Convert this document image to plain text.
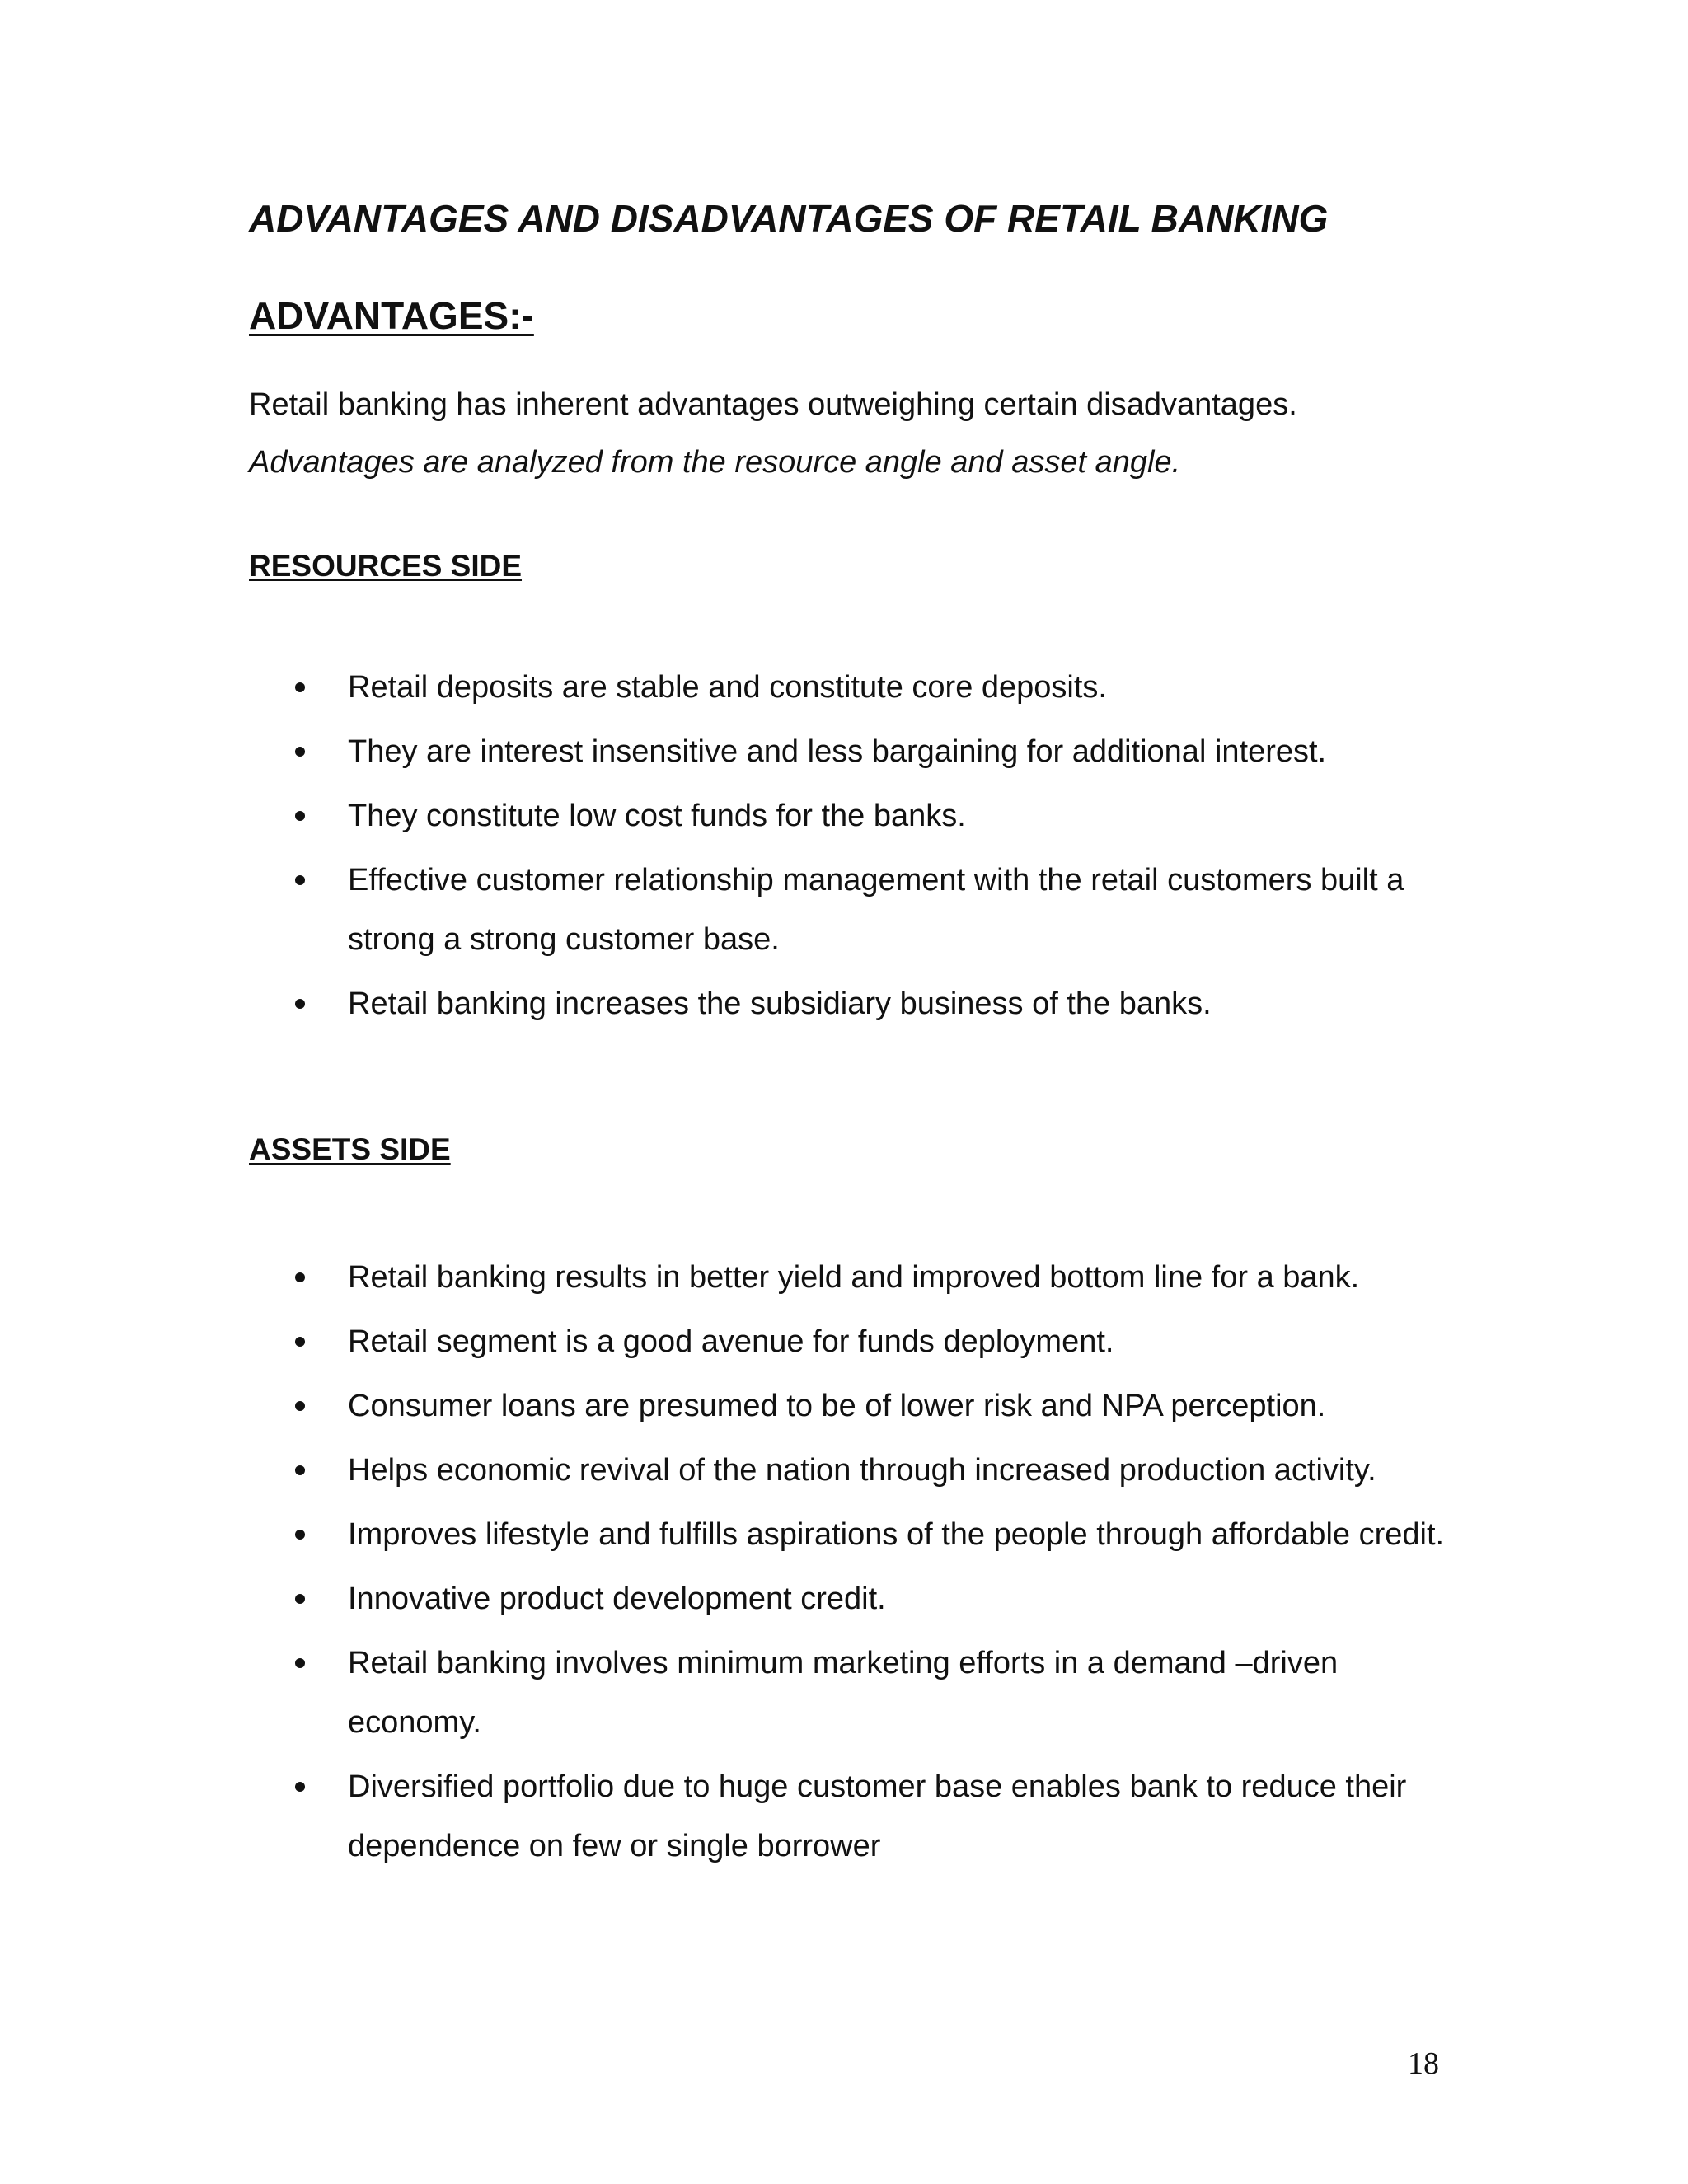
ADVANTAGES AND DISADVANTAGES OF RETAIL BANKING
ADVANTAGES:-

Retail banking has inherent advantages outweighing certain disadvantages.
Advantages are analyzed from the resource angle and asset angle.

RESOURCES SIDE
Retail deposits are stable and constitute core deposits.
They are interest insensitive and less bargaining for additional interest.
They constitute low cost funds for the banks.
Effective customer relationship management with the retail customers built a strong a strong customer base.
Retail banking increases the subsidiary business of the banks.
ASSETS SIDE
Retail banking results in better yield and improved bottom line for a bank.
Retail segment is a good avenue for funds deployment.
Consumer loans are presumed to be of lower risk and NPA perception.
Helps economic revival of the nation through increased production activity.
Improves lifestyle and fulfills aspirations of the people through affordable credit.
Innovative product development credit.
Retail banking involves minimum marketing efforts in a demand –driven economy.
Diversified portfolio due to huge customer base enables bank to reduce their dependence on few or single borrower
18
